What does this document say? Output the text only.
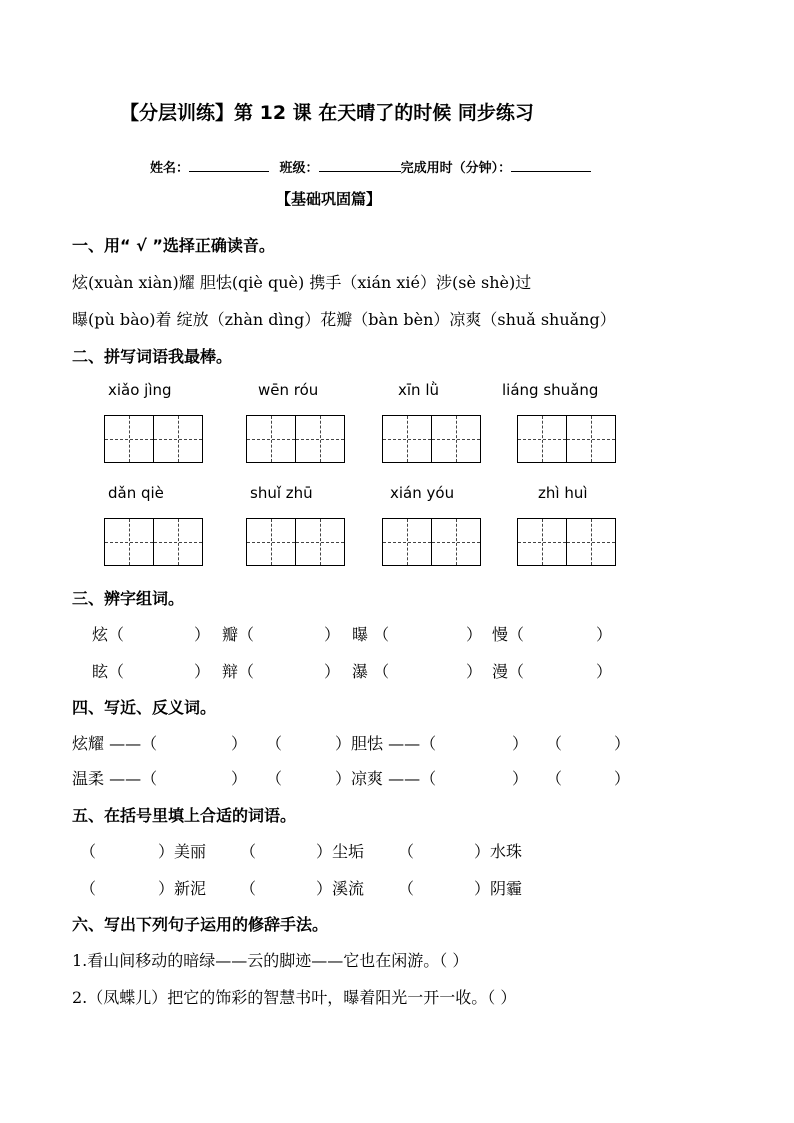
【分层训练】第 12 课 在天晴了的时候 同步练习
姓名：	班级：	完成用时（分钟）：
【基础巩固篇】
一、用“ √ ”选择正确读音。
炫(xuàn xiàn)耀 胆怯(qiè què) 携手（xián xié）涉(sè shè)过
曝(pù bào)着 绽放（zhàn dìng）花瓣（bàn bèn）凉爽（shuǎ shuǎng）
二、拼写词语我最棒。
xiǎo jìng	wēn róu	xīn lǜ	liáng shuǎng
dǎn qiè	shuǐ zhū	xián yóu	zhì huì
三、辨字组词。
炫（	） 瓣（	） 曝 （	） 慢（	）
眩（	） 辩（	） 瀑 （	） 漫（	）
四、写近、反义词。
炫耀 ——（	） （	）胆怯 ——（	） （	）
温柔 ——（	） （	）凉爽 ——（	） （	）
五、在括号里填上合适的词语。
（	）美丽 （	）尘垢 （	）水珠
（	）新泥 （	）溪流 （	）阴霾
六、写出下列句子运用的修辞手法。
1.看山间移动的暗绿——云的脚迹——它也在闲游。（ ）
2.（凤蝶儿）把它的饰彩的智慧书叶，曝着阳光一开一收。（ ）
